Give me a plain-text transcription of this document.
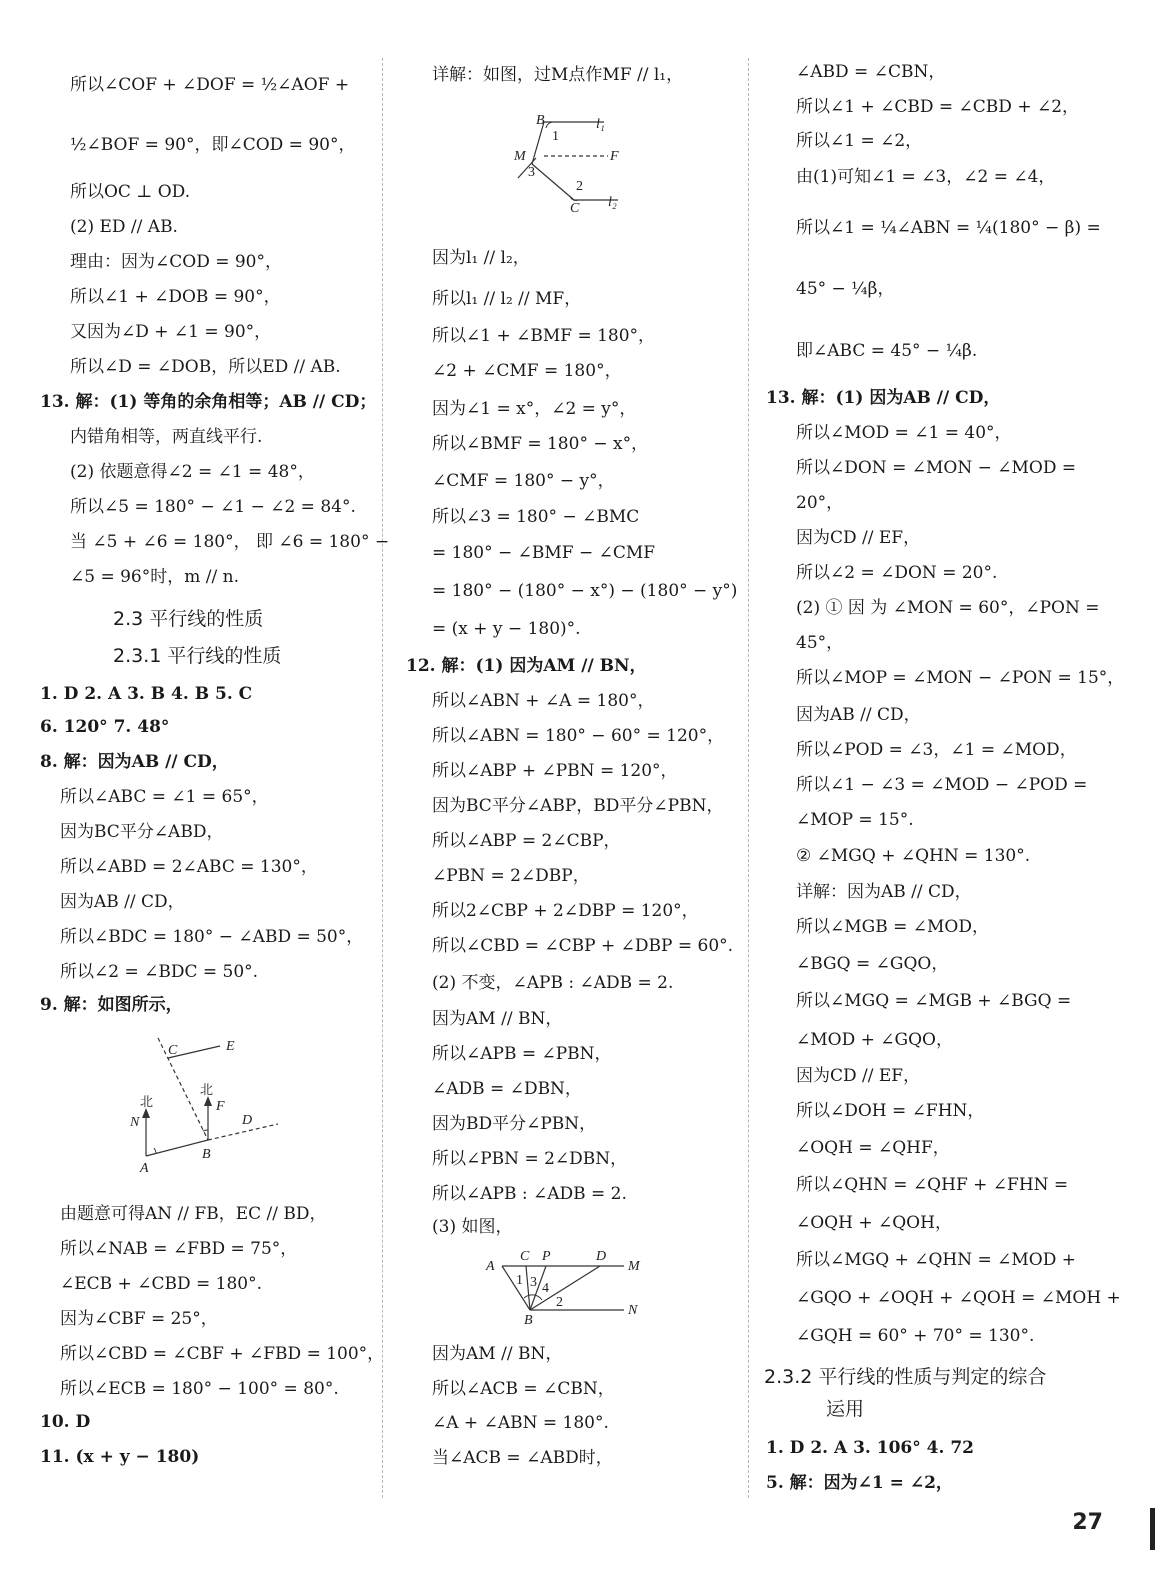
所以∠COF + ∠DOF = ½∠AOF +
½∠BOF = 90°，即∠COD = 90°，
所以OC ⊥ OD.
(2) ED // AB.
理由：因为∠COD = 90°，
所以∠1 + ∠DOB = 90°，
又因为∠D + ∠1 = 90°，
所以∠D = ∠DOB，所以ED // AB.
13. 解：(1) 等角的余角相等；AB // CD；
内错角相等，两直线平行.
(2) 依题意得∠2 = ∠1 = 48°，
所以∠5 = 180° − ∠1 − ∠2 = 84°.
当 ∠5 + ∠6 = 180°， 即 ∠6 = 180° −
∠5 = 96°时，m // n.
2.3 平行线的性质
2.3.1 平行线的性质
1. D 2. A 3. B 4. B 5. C
6. 120° 7. 48°
8. 解：因为AB // CD，
所以∠ABC = ∠1 = 65°，
因为BC平分∠ABD，
所以∠ABD = 2∠ABC = 130°，
因为AB // CD，
所以∠BDC = 180° − ∠ABD = 50°，
所以∠2 = ∠BDC = 50°.
9. 解：如图所示，
C	E
北
北
N
F
D
A
B
由题意可得AN // FB，EC // BD，
所以∠NAB = ∠FBD = 75°，
∠ECB + ∠CBD = 180°.
因为∠CBF = 25°，
所以∠CBD = ∠CBF + ∠FBD = 100°，
所以∠ECB = 180° − 100° = 80°.
10. D
11. (x + y − 180)
详解：如图，过M点作MF // l₁，
B
1
l₁
M	F
3
2
C l₂
因为l₁ // l₂，
所以l₁ // l₂ // MF，
所以∠1 + ∠BMF = 180°，
∠2 + ∠CMF = 180°，
因为∠1 = x°，∠2 = y°，
所以∠BMF = 180° − x°，
∠CMF = 180° − y°，
所以∠3 = 180° − ∠BMC
= 180° − ∠BMF − ∠CMF
= 180° − (180° − x°) − (180° − y°)
= (x + y − 180)°.
12. 解：(1) 因为AM // BN，
所以∠ABN + ∠A = 180°，
所以∠ABN = 180° − 60° = 120°，
所以∠ABP + ∠PBN = 120°，
因为BC平分∠ABP，BD平分∠PBN，
所以∠ABP = 2∠CBP，
∠PBN = 2∠DBP，
所以2∠CBP + 2∠DBP = 120°，
所以∠CBD = ∠CBP + ∠DBP = 60°.
(2) 不变，∠APB : ∠ADB = 2.
因为AM // BN，
所以∠APB = ∠PBN，
∠ADB = ∠DBN，
因为BD平分∠PBN，
所以∠PBN = 2∠DBN，
所以∠APB : ∠ADB = 2.
(3) 如图，
A
C P	D
M
1 3 4
2
B
N
因为AM // BN，
所以∠ACB = ∠CBN，
∠A + ∠ABN = 180°.
当∠ACB = ∠ABD时，
∠ABD = ∠CBN，
所以∠1 + ∠CBD = ∠CBD + ∠2，
所以∠1 = ∠2，
由(1)可知∠1 = ∠3，∠2 = ∠4，
所以∠1 = ¼∠ABN = ¼(180° − β) =
45° − ¼β，
即∠ABC = 45° − ¼β.
13. 解：(1) 因为AB // CD，
所以∠MOD = ∠1 = 40°，
所以∠DON = ∠MON − ∠MOD =
20°，
因为CD // EF，
所以∠2 = ∠DON = 20°.
(2) ① 因 为 ∠MON = 60°，∠PON =
45°，
所以∠MOP = ∠MON − ∠PON = 15°，
因为AB // CD，
所以∠POD = ∠3，∠1 = ∠MOD，
所以∠1 − ∠3 = ∠MOD − ∠POD =
∠MOP = 15°.
② ∠MGQ + ∠QHN = 130°.
详解：因为AB // CD，
所以∠MGB = ∠MOD，
∠BGQ = ∠GQO，
所以∠MGQ = ∠MGB + ∠BGQ =
∠MOD + ∠GQO，
因为CD // EF，
所以∠DOH = ∠FHN，
∠OQH = ∠QHF，
所以∠QHN = ∠QHF + ∠FHN =
∠OQH + ∠QOH，
所以∠MGQ + ∠QHN = ∠MOD +
∠GQO + ∠OQH + ∠QOH = ∠MOH +
∠GQH = 60° + 70° = 130°.
2.3.2 平行线的性质与判定的综合
运用
1. D 2. A 3. 106° 4. 72
5. 解：因为∠1 = ∠2，
27
